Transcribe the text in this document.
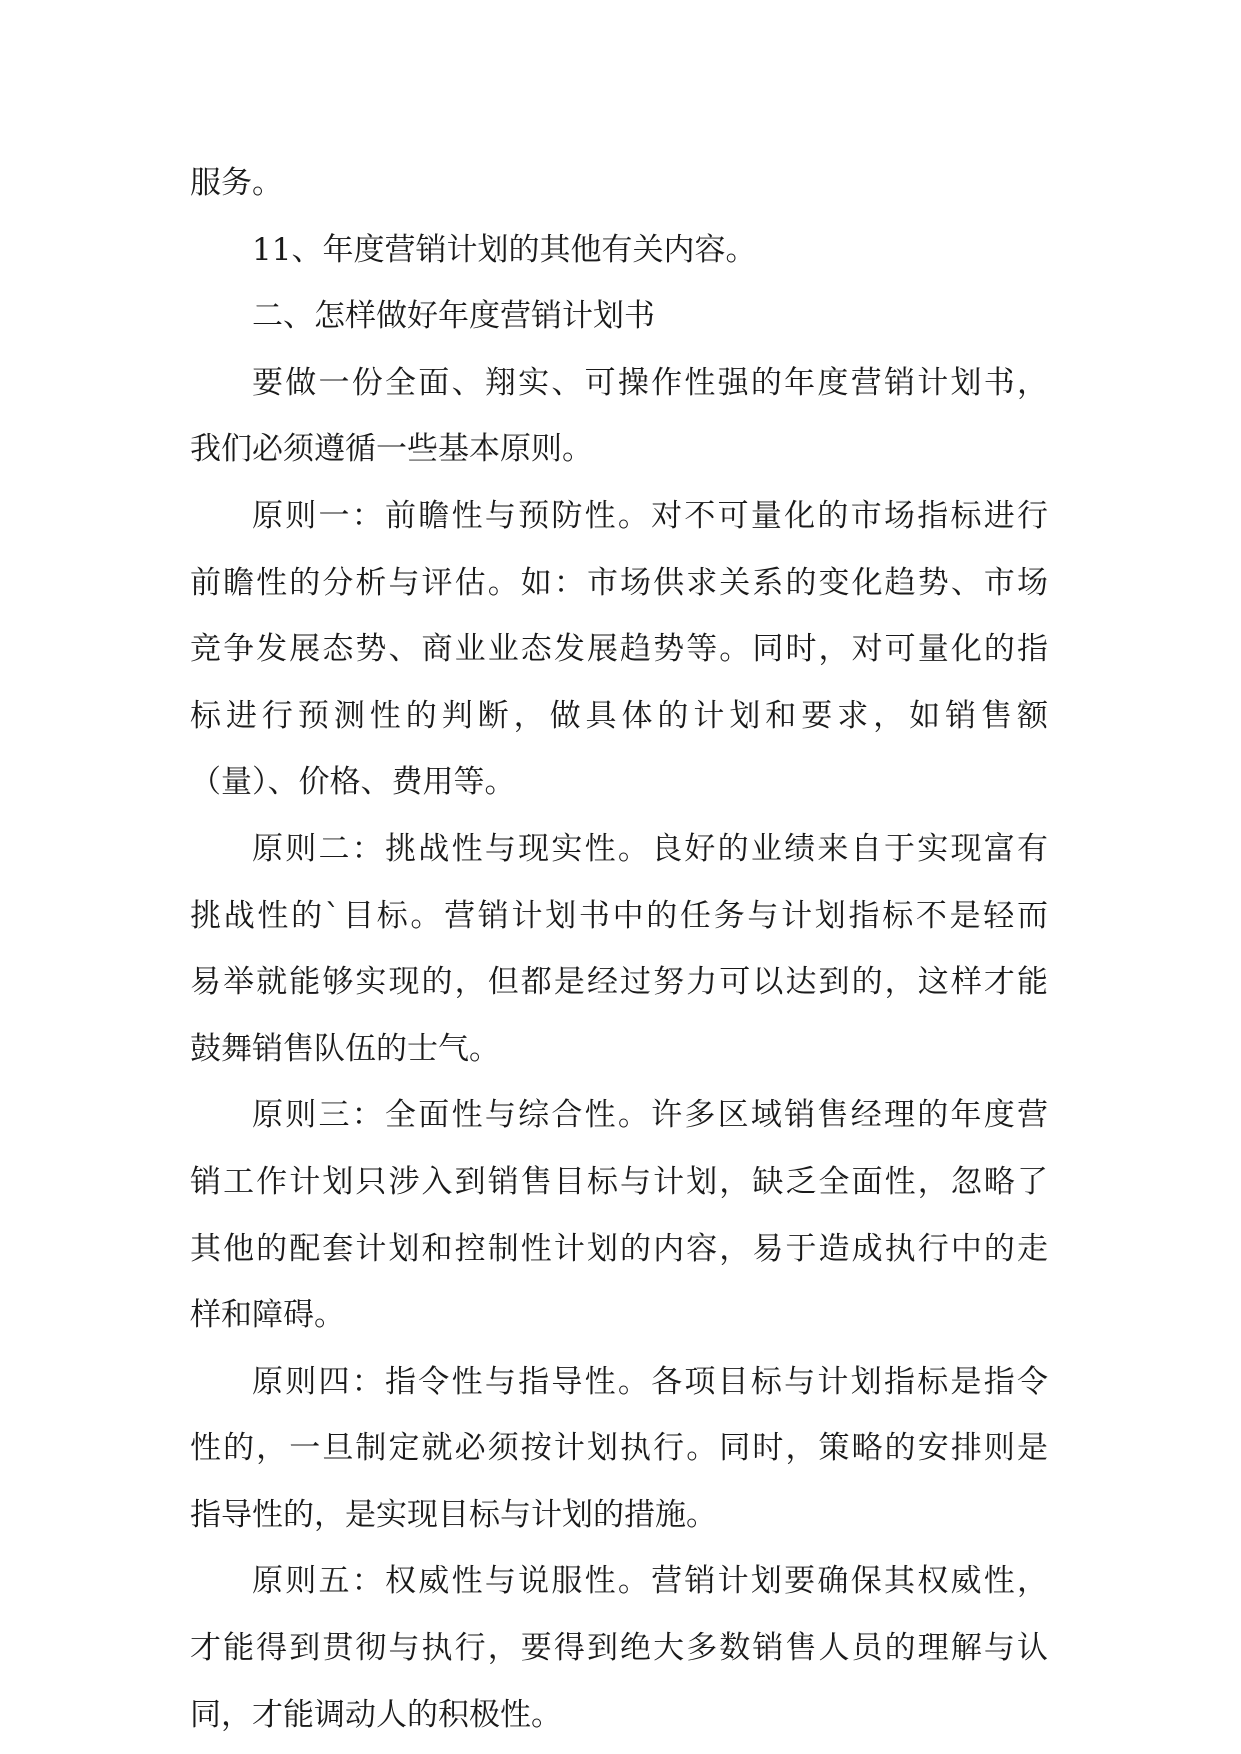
服务。
11、年度营销计划的其他有关内容。
二、怎样做好年度营销计划书
要做一份全面、翔实、可操作性强的年度营销计划书，
我们必须遵循一些基本原则。
原则一：前瞻性与预防性。对不可量化的市场指标进行
前瞻性的分析与评估。如：市场供求关系的变化趋势、市场
竞争发展态势、商业业态发展趋势等。同时，对可量化的指
标进行预测性的判断，做具体的计划和要求，如销售额
（量）、价格、费用等。
原则二：挑战性与现实性。良好的业绩来自于实现富有
挑战性的`目标。营销计划书中的任务与计划指标不是轻而
易举就能够实现的，但都是经过努力可以达到的，这样才能
鼓舞销售队伍的士气。
原则三：全面性与综合性。许多区域销售经理的年度营
销工作计划只涉入到销售目标与计划，缺乏全面性，忽略了
其他的配套计划和控制性计划的内容，易于造成执行中的走
样和障碍。
原则四：指令性与指导性。各项目标与计划指标是指令
性的，一旦制定就必须按计划执行。同时，策略的安排则是
指导性的，是实现目标与计划的措施。
原则五：权威性与说服性。营销计划要确保其权威性，
才能得到贯彻与执行，要得到绝大多数销售人员的理解与认
同，才能调动人的积极性。
